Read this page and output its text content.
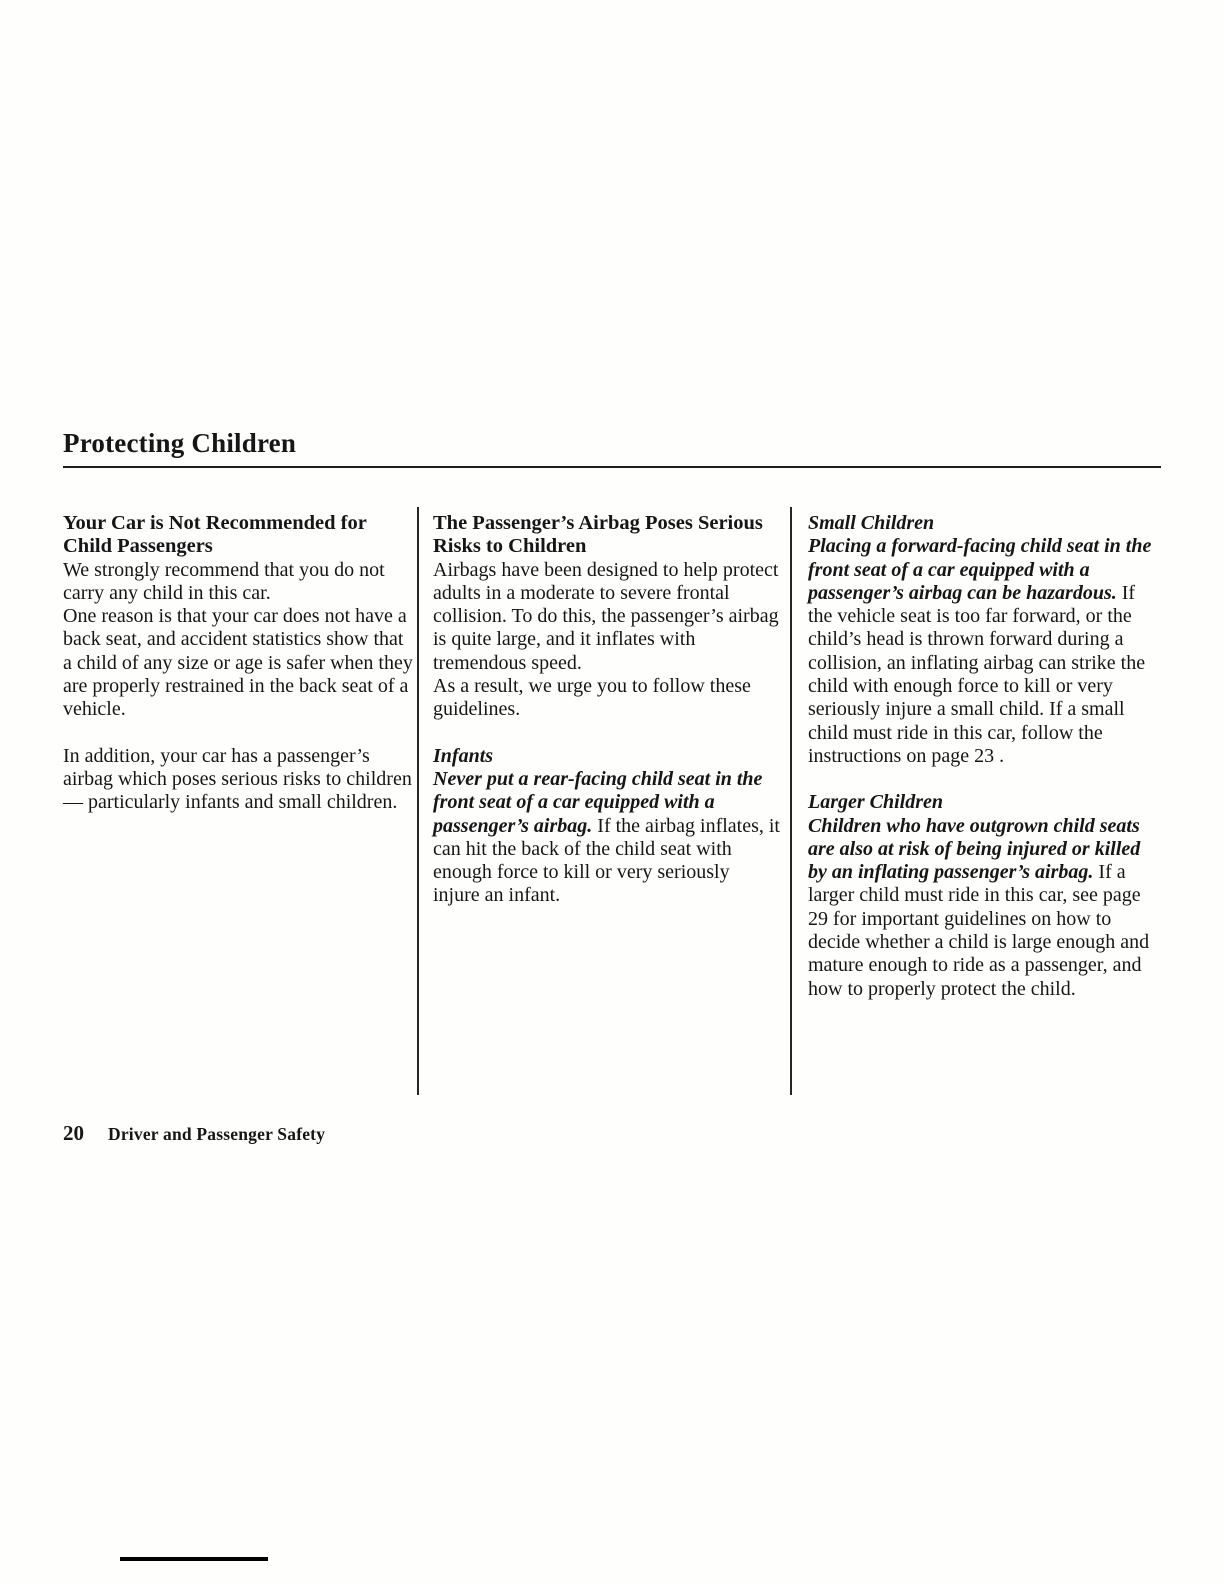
Protecting Children

Your Car is Not Recommended for Child Passengers

We strongly recommend that you do not carry any child in this car.

One reason is that your car does not have a back seat, and accident statistics show that a child of any size or age is safer when they are properly restrained in the back seat of a vehicle.

In addition, your car has a passenger’s airbag which poses serious risks to children — particularly infants and small children.

The Passenger’s Airbag Poses Serious Risks to Children

Airbags have been designed to help protect adults in a moderate to severe frontal collision. To do this, the passenger’s airbag is quite large, and it inflates with tremendous speed.

As a result, we urge you to follow these guidelines.

Infants

Never put a rear-facing child seat in the front seat of a car equipped with a passenger’s airbag. If the airbag inflates, it can hit the back of the child seat with enough force to kill or very seriously injure an infant.

Small Children

Placing a forward-facing child seat in the front seat of a car equipped with a passenger’s airbag can be hazardous. If the vehicle seat is too far forward, or the child’s head is thrown forward during a collision, an inflating airbag can strike the child with enough force to kill or very seriously injure a small child. If a small child must ride in this car, follow the instructions on page 23 .

Larger Children

Children who have outgrown child seats are also at risk of being injured or killed by an inflating passenger’s airbag. If a larger child must ride in this car, see page 29 for important guidelines on how to decide whether a child is large enough and mature enough to ride as a passenger, and how to properly protect the child.

20 Driver and Passenger Safety
